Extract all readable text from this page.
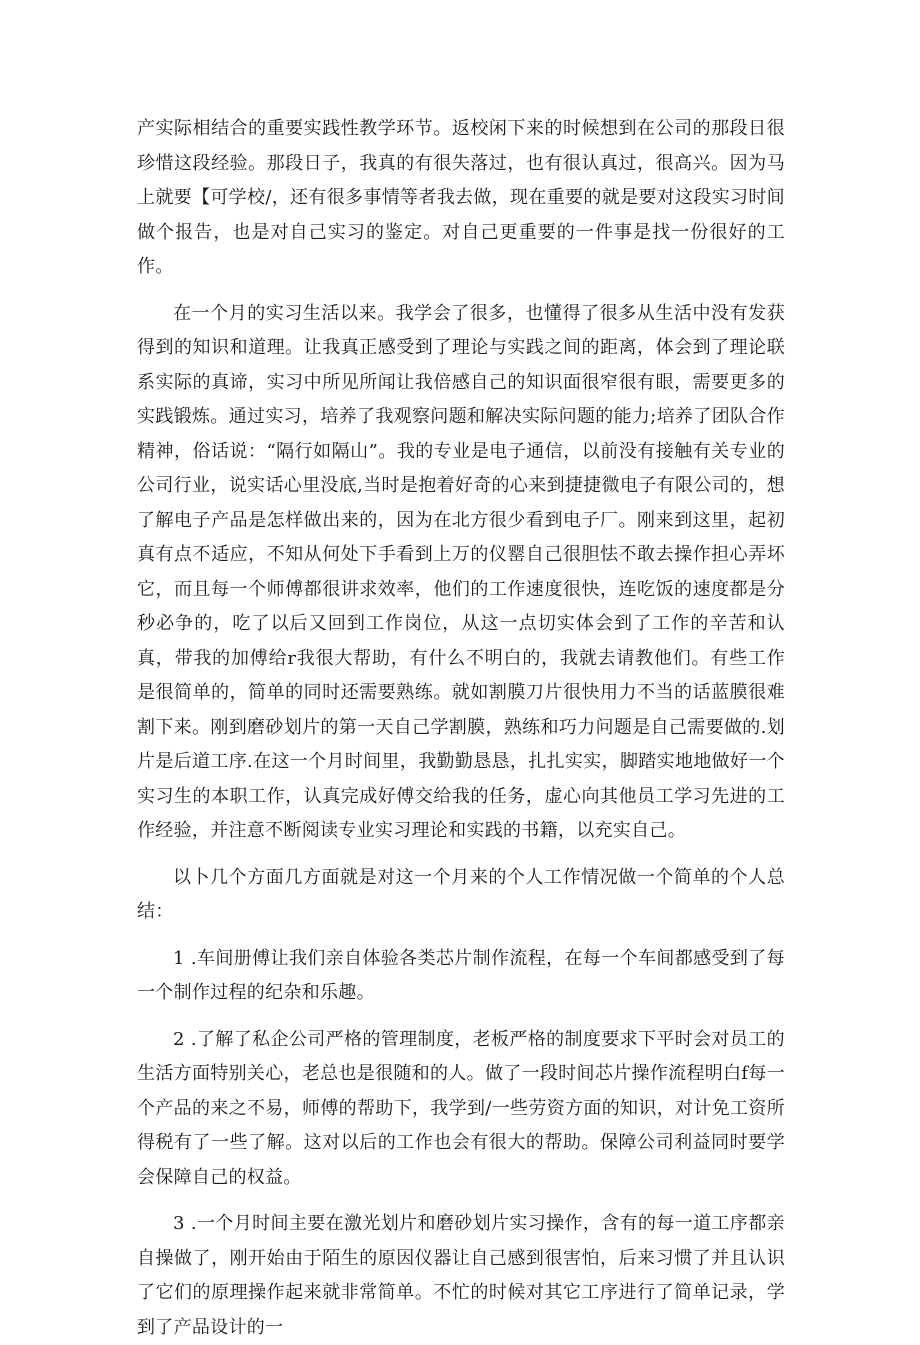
产实际相结合的重要实践性教学环节。返校闲下来的时候想到在公司的那段日很珍惜这段经验。那段日子，我真的有很失落过，也有很认真过，很高兴。因为马上就要【可学校/，还有很多事情等者我去做，现在重要的就是要对这段实习时间做个报告，也是对自己实习的鉴定。对自己更重要的一件事是找一份很好的工作。

在一个月的实习生活以来。我学会了很多，也懂得了很多从生活中没有发获得到的知识和道理。让我真正感受到了理论与实践之间的距离，体会到了理论联系实际的真谛，实习中所见所闻让我倍感自己的知识面很窄很有眼，需要更多的实践锻炼。通过实习，培养了我观察问题和解决实际问题的能力;培养了团队合作精神，俗话说：“隔行如隔山”。我的专业是电子通信，以前没有接触有关专业的公司行业，说实话心里没底,当时是抱着好奇的心来到捷捷微电子有限公司的，想了解电子产品是怎样做出来的，因为在北方很少看到电子厂。刚来到这里，起初真有点不适应，不知从何处下手看到上万的仪罂自己很胆怯不敢去操作担心弄坏它，而且每一个师傅都很讲求效率，他们的工作速度很快，连吃饭的速度都是分秒必争的，吃了以后又回到工作岗位，从这一点切实体会到了工作的辛苦和认真，带我的加傅给r我很大帮助，有什么不明白的，我就去请教他们。有些工作是很简单的，简单的同时还需要熟练。就如割膜刀片很快用力不当的话蓝膜很难割下来。刚到磨砂划片的第一天自己学割膜，熟练和巧力问题是自己需要做的.划片是后道工序.在这一个月时间里，我勤勤恳恳，扎扎实实，脚踏实地地做好一个实习生的本职工作，认真完成好傅交给我的任务，虚心向其他员工学习先进的工作经验，并注意不断阅读专业实习理论和实践的书籍，以充实自己。

以卜几个方面几方面就是对这一个月来的个人工作情况做一个简单的个人总结：

1 .车间册傅让我们亲自体验各类芯片制作流程，在每一个车间都感受到了每一个制作过程的纪杂和乐趣。

2 .了解了私企公司严格的管理制度，老板严格的制度要求下平时会对员工的生活方面特别关心，老总也是很随和的人。做了一段时间芯片操作流程明白f每一个产品的来之不易，师傅的帮助下，我学到/一些劳资方面的知识，对计免工资所得税有了一些了解。这对以后的工作也会有很大的帮助。保障公司利益同时要学会保障自己的权益。

3 .一个月时间主要在激光划片和磨砂划片实习操作，含有的每一道工序都亲自操做了，刚开始由于陌生的原因仪器让自己感到很害怕，后来习惯了并且认识了它们的原理操作起来就非常简单。不忙的时候对其它工序进行了简单记录，学到了产品设计的一
